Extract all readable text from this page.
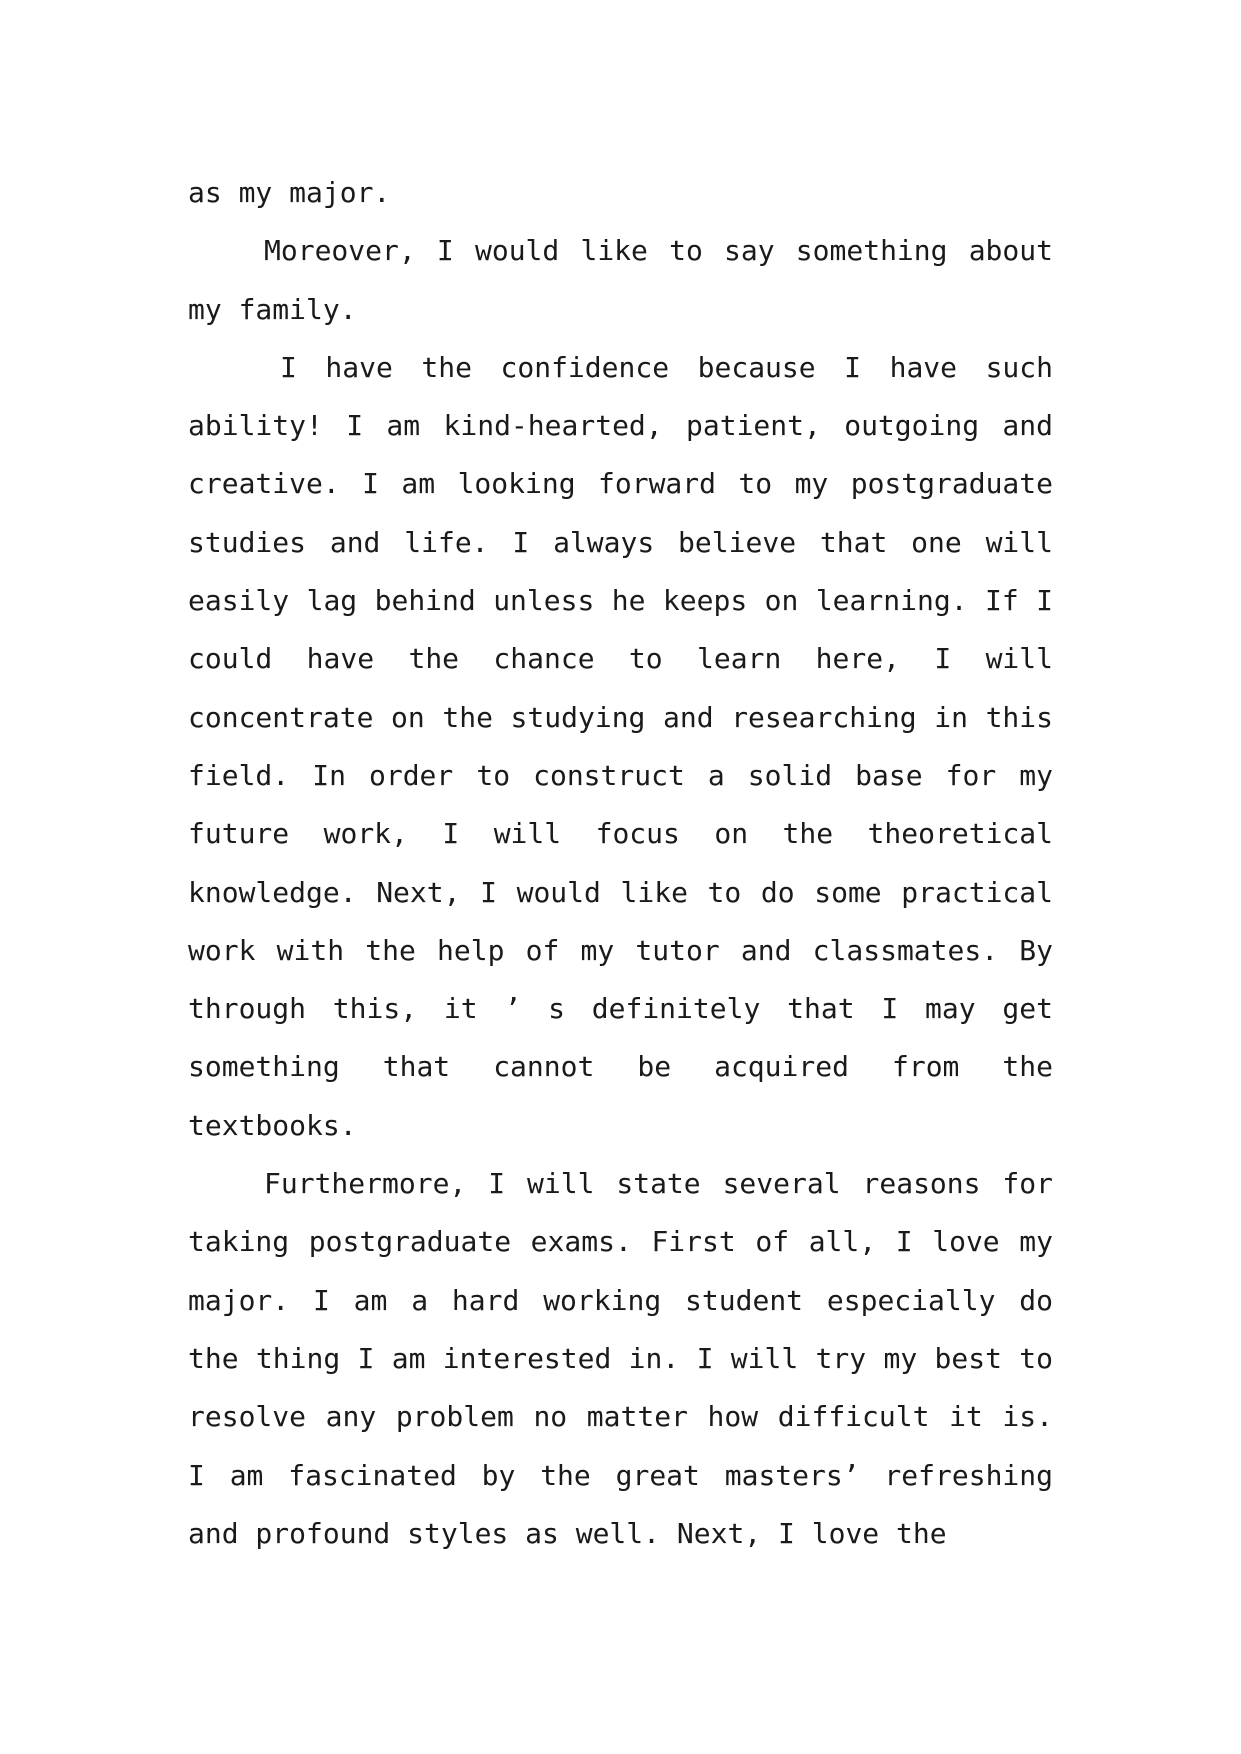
as my major.

Moreover, I would like to say something about my family.

I have the confidence because I have such ability! I am kind-hearted, patient, outgoing and creative. I am looking forward to my postgraduate studies and life. I always believe that one will easily lag behind unless he keeps on learning. If I could have the chance to learn here, I will concentrate on the studying and researching in this field. In order to construct a solid base for my future work, I will focus on the theoretical knowledge. Next, I would like to do some practical work with the help of my tutor and classmates. By through this, it ’ s definitely that I may get something that cannot be acquired from the textbooks.

Furthermore, I will state several reasons for taking postgraduate exams. First of all, I love my major. I am a hard working student especially do the thing I am interested in. I will try my best to resolve any problem no matter how difficult it is. I am fascinated by the great masters’ refreshing and profound styles as well. Next, I love the
